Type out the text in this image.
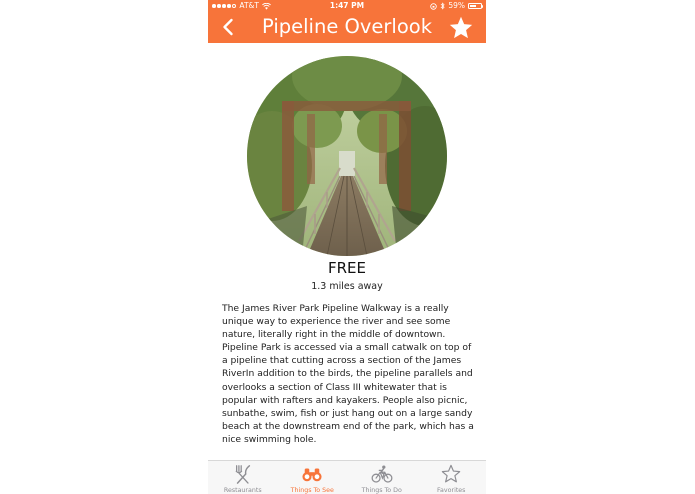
AT&T	1:47 PM	59%
Pipeline Overlook
FREE
1.3 miles away

The James River Park Pipeline Walkway is a really unique way to experience the river and see some nature, literally right in the middle of downtown. Pipeline Park is accessed via a small catwalk on top of a pipeline that cutting across a section of the James RiverIn addition to the birds, the pipeline parallels and overlooks a section of Class III whitewater that is popular with rafters and kayakers. People also picnic, sunbathe, swim, fish or just hang out on a large sandy beach at the downstream end of the park, which has a nice swimming hole.

Restaurants	Things To See	Things To Do	Favorites
